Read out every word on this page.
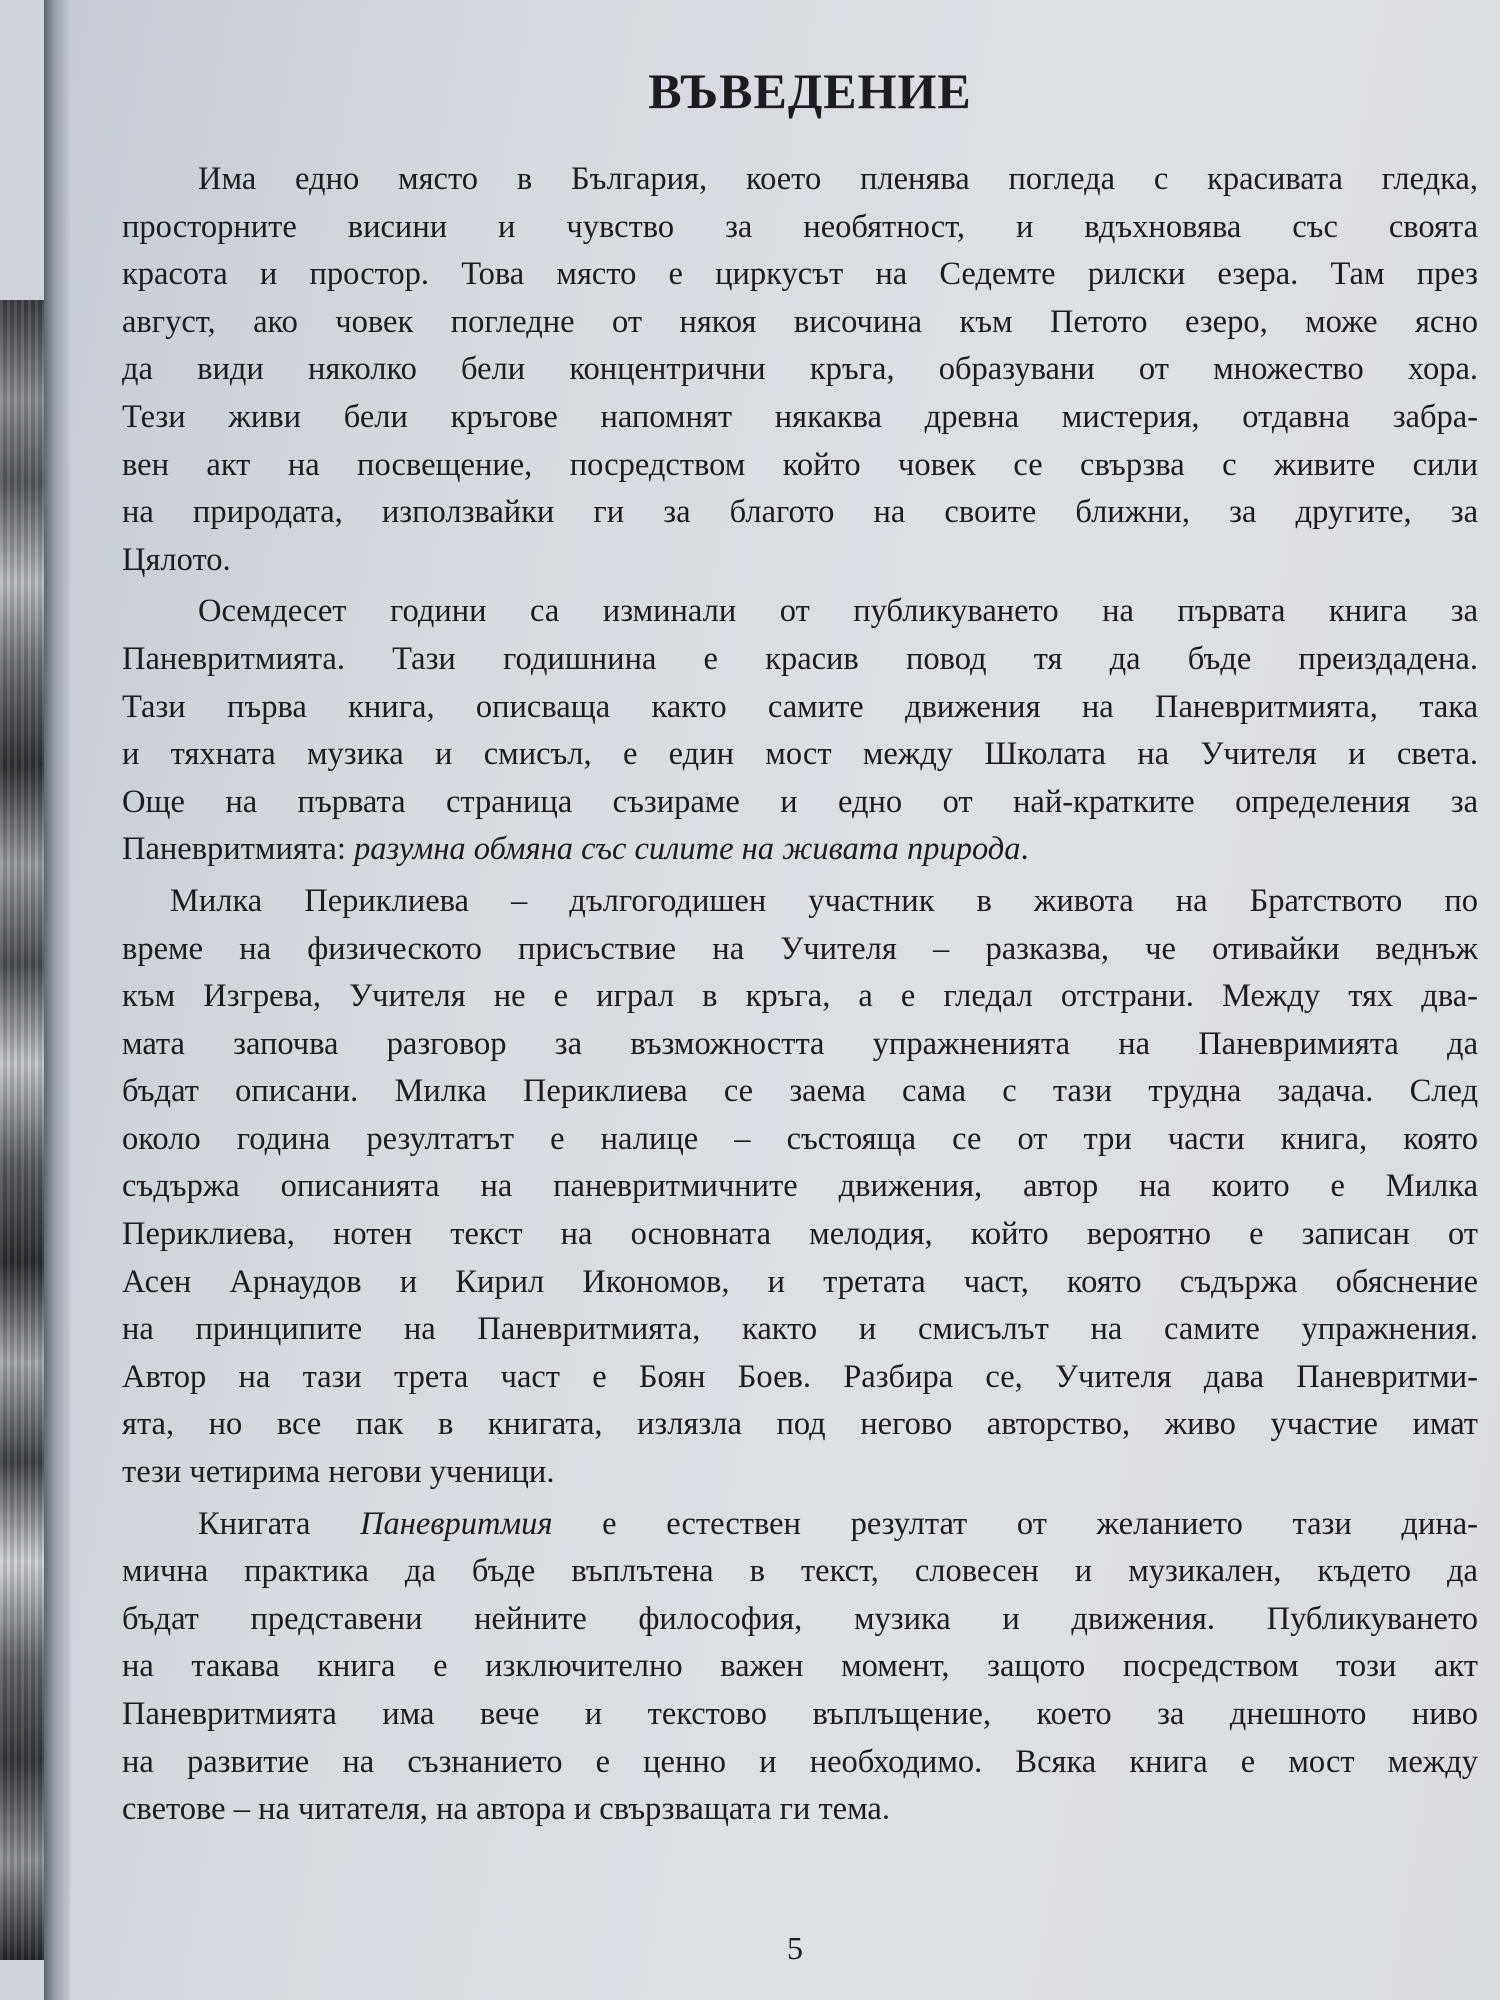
ВЪВЕДЕНИЕ
Има едно място в България, което пленява погледа с красивата гледка,
просторните висини и чувство за необятност, и вдъхновява със своята
красота и простор. Това място е циркусът на Седемте рилски езера. Там през
август, ако човек погледне от някоя височина към Петото езеро, може ясно
да види няколко бели концентрични кръга, образувани от множество хора.
Тези живи бели кръгове напомнят някаква древна мистерия, отдавна забра-
вен акт на посвещение, посредством който човек се свързва с живите сили
на природата, използвайки ги за благото на своите ближни, за другите, за
Цялото.
Осемдесет години са изминали от публикуването на първата книга за
Паневритмията. Тази годишнина е красив повод тя да бъде преиздадена.
Тази първа книга, описваща както самите движения на Паневритмията, така
и тяхната музика и смисъл, е един мост между Школата на Учителя и света.
Още на първата страница съзираме и едно от най-кратките определения за
Паневритмията: разумна обмяна със силите на живата природа.
Милка Периклиева – дългогодишен участник в живота на Братството по
време на физическото присъствие на Учителя – разказва, че отивайки веднъж
към Изгрева, Учителя не е играл в кръга, а е гледал отстрани. Между тях два-
мата започва разговор за възможността упражненията на Паневримията да
бъдат описани. Милка Периклиева се заема сама с тази трудна задача. След
около година резултатът е налице – състояща се от три части книга, която
съдържа описанията на паневритмичните движения, автор на които е Милка
Периклиева, нотен текст на основната мелодия, който вероятно е записан от
Асен Арнаудов и Кирил Икономов, и третата част, която съдържа обяснение
на принципите на Паневритмията, както и смисълът на самите упражнения.
Автор на тази трета част е Боян Боев. Разбира се, Учителя дава Паневритми-
ята, но все пак в книгата, излязла под негово авторство, живо участие имат
тези четирима негови ученици.
Книгата Паневритмия е естествен резултат от желанието тази дина-
мична практика да бъде въплътена в текст, словесен и музикален, където да
бъдат представени нейните философия, музика и движения. Публикуването
на такава книга е изключително важен момент, защото посредством този акт
Паневритмията има вече и текстово въплъщение, което за днешното ниво
на развитие на съзнанието е ценно и необходимо. Всяка книга е мост между
светове – на читателя, на автора и свързващата ги тема.
5
